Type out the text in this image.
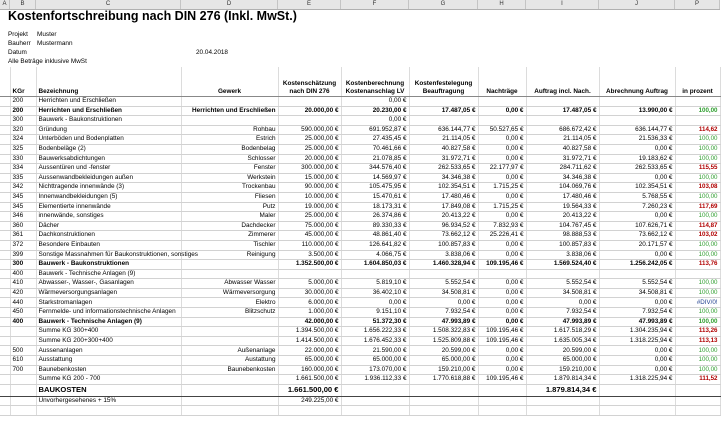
A	B	C	D	E	F	G	H	I	J	P
Kostenfortschreibung nach DIN 276 (Inkl. MwSt.)
Projekt Muster
Bauherr Mustermann
Datum	20.04.2018
Alle Beträge inklusive MwSt
	KGr	Bezeichnung	Gewerk	Kostenschätzung nach DIN 276	Kostenberechnung Kostenanschlag LV	Kostenfestelegung Beauftragung	Nachträge	Auftrag incl. Nach.	Abrechnung Auftrag	in prozent
	200	Herrichten und Erschließen			0,00 €					
	200	Herrichten und Erschließen	Herrichten und Erschließen	20.000,00 €	20.230,00 €	17.487,05 €	0,00 €	17.487,05 €	13.990,00 €	100,00
	300	Bauwerk - Baukonstruktionen			0,00 €					
	320	Gründung	Rohbau	590.000,00 €	691.952,87 €	636.144,77 €	50.527,65 €	686.672,42 €	636.144,77 €	114,62
	324	Unterböden und Bodenplatten	Estrich	25.000,00 €	27.435,45 €	21.114,05 €	0,00 €	21.114,05 €	21.536,33 €	100,00
	325	Bodenbeläge (2)	Bodenbelag	25.000,00 €	70.461,66 €	40.827,58 €	0,00 €	40.827,58 €	0,00 €	100,00
	330	Bauwerksabdichtungen	Schlosser	20.000,00 €	21.078,85 €	31.972,71 €	0,00 €	31.972,71 €	19.183,62 €	100,00
	334	Aussentüren und -fenster	Fenster	300.000,00 €	344.576,40 €	262.533,65 €	22.177,97 €	284.711,62 €	262.533,65 €	115,55
	335	Aussenwandbekleidungen außen	Werkstein	15.000,00 €	14.569,97 €	34.346,38 €	0,00 €	34.346,38 €	0,00 €	100,00
	342	Nichttragende innenwände (3)	Trockenbau	90.000,00 €	105.475,95 €	102.354,51 €	1.715,25 €	104.069,76 €	102.354,51 €	103,08
	345	Innenwandbekleidungen (5)	Fliesen	10.000,00 €	15.470,61 €	17.480,46 €	0,00 €	17.480,46 €	5.768,55 €	100,00
	345	Elementierte innenwände	Putz	19.000,00 €	18.173,31 €	17.849,08 €	1.715,25 €	19.564,33 €	7.260,23 €	117,69
	346	innenwände, sonstiges	Maler	25.000,00 €	26.374,86 €	20.413,22 €	0,00 €	20.413,22 €	0,00 €	100,00
	360	Dächer	Dachdecker	75.000,00 €	89.330,33 €	96.934,52 €	7.832,93 €	104.767,45 €	107.626,71 €	114,87
	361	Dachkonstruktionen	Zimmerer	45.000,00 €	48.861,40 €	73.662,12 €	25.226,41 €	98.888,53 €	73.662,12 €	103,02
	372	Besondere Einbauten	Tischler	110.000,00 €	126.641,82 €	100.857,83 €	0,00 €	100.857,83 €	20.171,57 €	100,00
	399	Sonstige Massnahmen für Baukonstruktionen, sonstiges	Reinigung	3.500,00 €	4.066,75 €	3.838,06 €	0,00 €	3.838,06 €	0,00 €	100,00
	300	Bauwerk - Baukonstruktionen		1.352.500,00 €	1.604.850,03 €	1.460.328,94 €	109.195,46 €	1.569.524,40 €	1.256.242,05 €	113,76
	400	Bauwerk - Technische Anlagen (9)								
	410	Abwasser-, Wasser-, Gasanlagen	Abwasser Wasser	5.000,00 €	5.819,10 €	5.552,54 €	0,00 €	5.552,54 €	5.552,54 €	100,00
	420	Wärmeversorgungsanlagen	Wärmeversorgung	30.000,00 €	36.402,10 €	34.508,81 €	0,00 €	34.508,81 €	34.508,81 €	100,00
	440	Starkstromanlagen	Elektro	6.000,00 €	0,00 €	0,00 €	0,00 €	0,00 €	0,00 €	#DIV/0!
	450	Fernmelde- und informationstechnische Anlagen	Blitzschutz	1.000,00 €	9.151,10 €	7.932,54 €	0,00 €	7.932,54 €	7.932,54 €	100,00
	400	Bauwerk - Technische Anlagen (9)		42.000,00 €	51.372,30 €	47.993,89 €	0,00 €	47.993,89 €	47.993,89 €	100,00
		Summe KG 300+400		1.394.500,00 €	1.656.222,33 €	1.508.322,83 €	109.195,46 €	1.617.518,29 €	1.304.235,94 €	113,26
		Summe KG 200+300+400		1.414.500,00 €	1.676.452,33 €	1.525.809,88 €	109.195,46 €	1.635.005,34 €	1.318.225,94 €	113,13
	500	Aussenanlagen	Außenanlage	22.000,00 €	21.590,00 €	20.599,00 €	0,00 €	20.599,00 €	0,00 €	100,00
	610	Ausstattung	Austattung	65.000,00 €	65.000,00 €	65.000,00 €	0,00 €	65.000,00 €	0,00 €	100,00
	700	Baunebenkosten	Baunebenkosten	160.000,00 €	173.070,00 €	159.210,00 €	0,00 €	159.210,00 €	0,00 €	100,00
		Summe KG 200 - 700		1.661.500,00 €	1.936.112,33 €	1.770.618,88 €	109.195,46 €	1.879.814,34 €	1.318.225,94 €	111,52
		BAUKOSTEN		1.661.500,00 €				1.879.814,34 €		
		Unvorhergesehenes + 15%		249.225,00 €						
